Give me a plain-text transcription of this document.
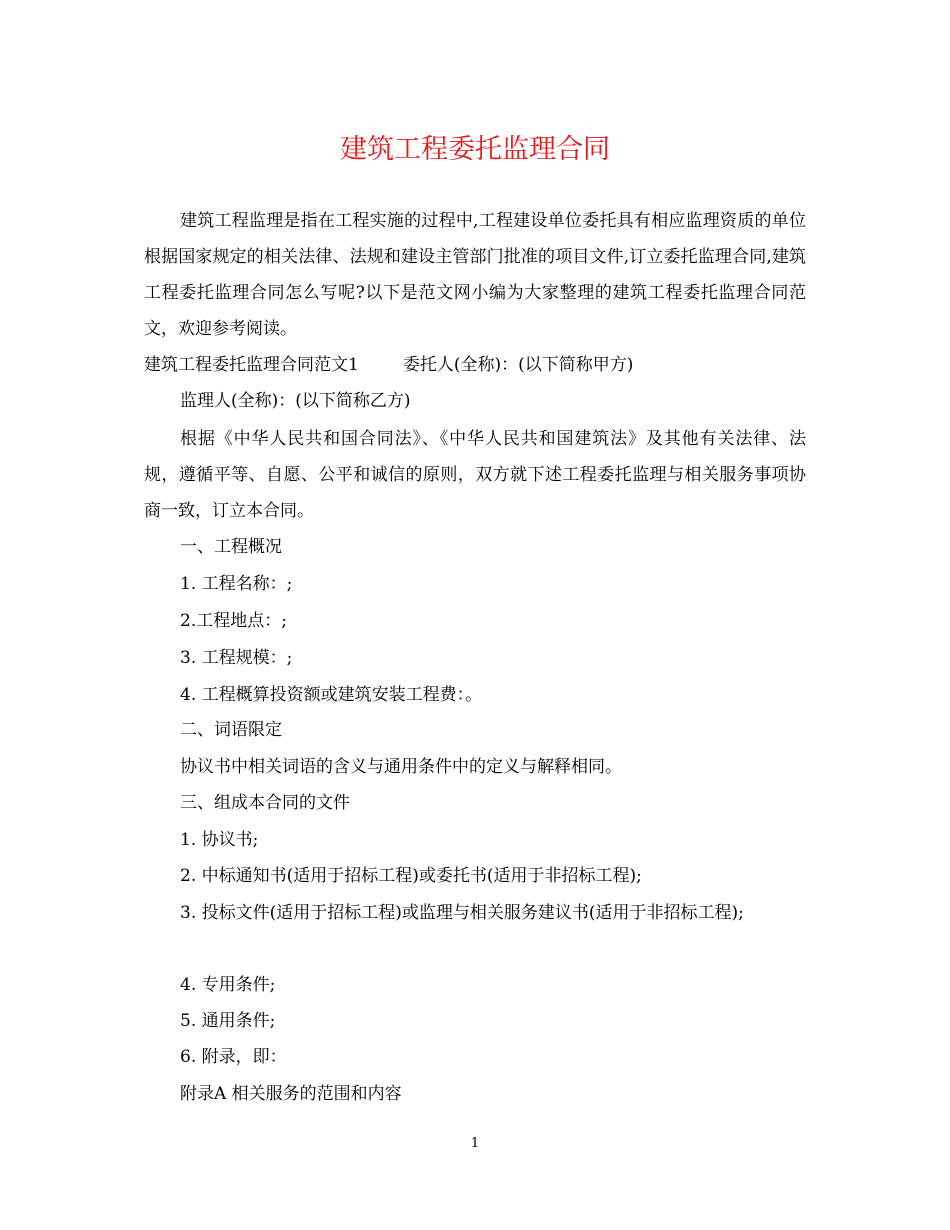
建筑工程委托监理合同
建筑工程监理是指在工程实施的过程中,工程建设单位委托具有相应监理资质的单位根据国家规定的相关法律、法规和建设主管部门批准的项目文件,订立委托监理合同,建筑工程委托监理合同怎么写呢?以下是范文网小编为大家整理的建筑工程委托监理合同范文，欢迎参考阅读。
建筑工程委托监理合同范文1	委托人(全称)：(以下简称甲方)
监理人(全称)：(以下简称乙方)
根据《中华人民共和国合同法》、《中华人民共和国建筑法》及其他有关法律、法规，遵循平等、自愿、公平和诚信的原则，双方就下述工程委托监理与相关服务事项协商一致，订立本合同。
一、工程概况
1. 工程名称：;
2.工程地点：;
3. 工程规模：;
4. 工程概算投资额或建筑安装工程费：。
二、词语限定
协议书中相关词语的含义与通用条件中的定义与解释相同。
三、组成本合同的文件
1. 协议书;
2. 中标通知书(适用于招标工程)或委托书(适用于非招标工程);
3. 投标文件(适用于招标工程)或监理与相关服务建议书(适用于非招标工程);
4. 专用条件;
5. 通用条件;
6. 附录，即：
附录A 相关服务的范围和内容
1
